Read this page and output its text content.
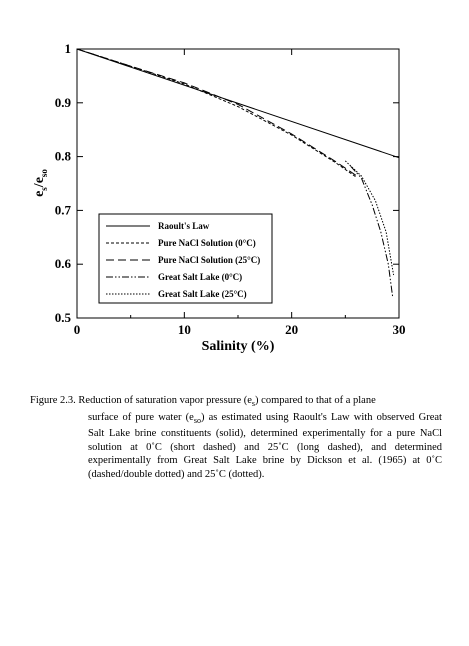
0	10	20	30
0.5
0.6
0.7
0.8
0.9
1
Salinity (%)
$e_s/e_{so}$
Raoult's Law
Pure NaCl Solution (0°C)
Pure NaCl Solution (25°C)
Great Salt Lake (0°C)
Great Salt Lake (25°C)
Figure 2.3. Reduction of saturation vapor pressure $(e_s)$ compared to that of a plane
surface of pure water $(e_{so})$ as estimated using Raoult's Law with observed Great Salt Lake brine constituents (solid), determined experimentally for a pure NaCl solution at 0˚C (short dashed) and 25˚C (long dashed), and determined experimentally from Great Salt Lake brine by Dickson et al. (1965) at 0˚C (dashed/double dotted) and 25˚C (dotted).
